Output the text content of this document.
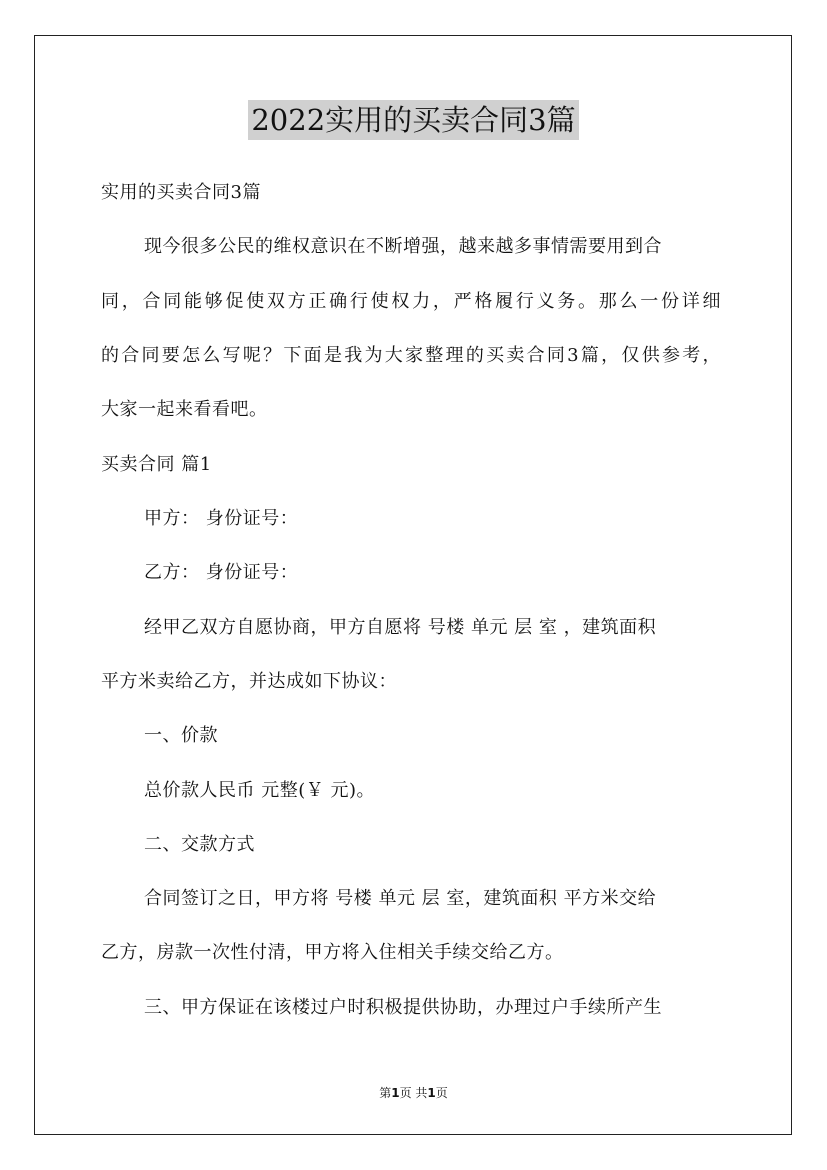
2022实用的买卖合同3篇
实用的买卖合同3篇
现今很多公民的维权意识在不断增强，越来越多事情需要用到合
同，合同能够促使双方正确行使权力，严格履行义务。那么一份详细
的合同要怎么写呢？下面是我为大家整理的买卖合同3篇，仅供参考，
大家一起来看看吧。
买卖合同 篇1
甲方： 身份证号：
乙方： 身份证号：
经甲乙双方自愿协商，甲方自愿将 号楼 单元 层 室 ，建筑面积
平方米卖给乙方，并达成如下协议：
一、价款
总价款人民币 元整(￥ 元)。
二、交款方式
合同签订之日，甲方将 号楼 单元 层 室，建筑面积 平方米交给
乙方，房款一次性付清，甲方将入住相关手续交给乙方。
三、甲方保证在该楼过户时积极提供协助，办理过户手续所产生
第1页 共1页
